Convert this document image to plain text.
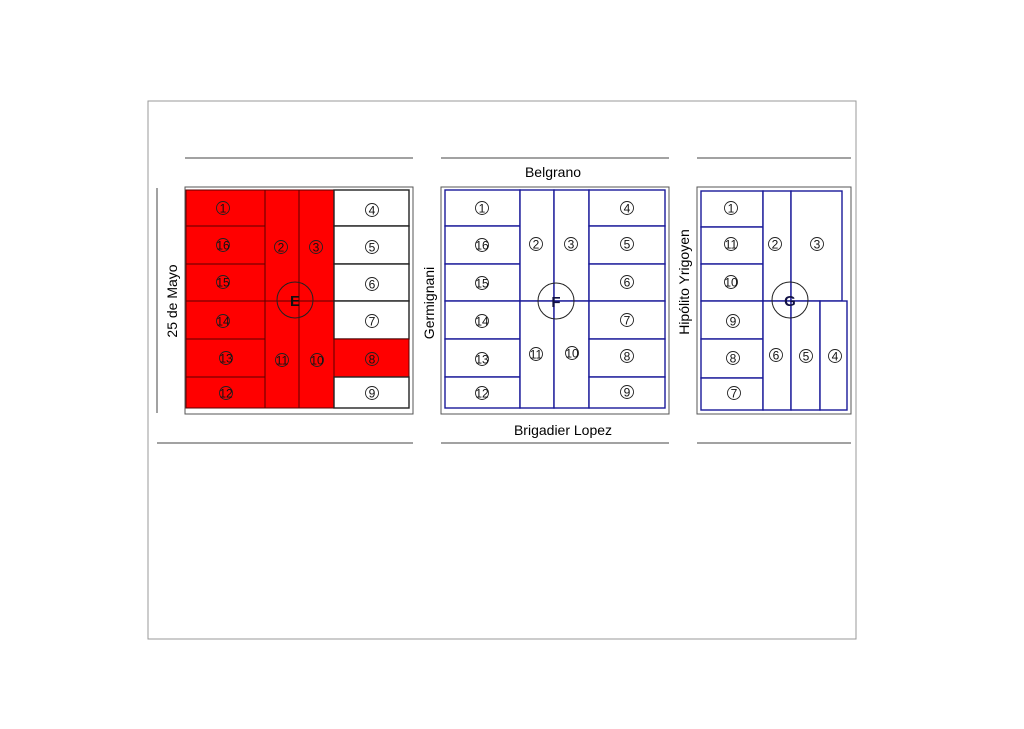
Belgrano
Brigadier Lopez
25 de Mayo	Germignani	Hipólito Yrigoyen
1
16
15
14
13
12
2
11
3
10
4
5
6
7
8
9
E
1
16
15
14
13
12
2
11
3
10
4
5
6
7
8
9
F
1
11
10
9
8
7
2
6
3
5 4
G
